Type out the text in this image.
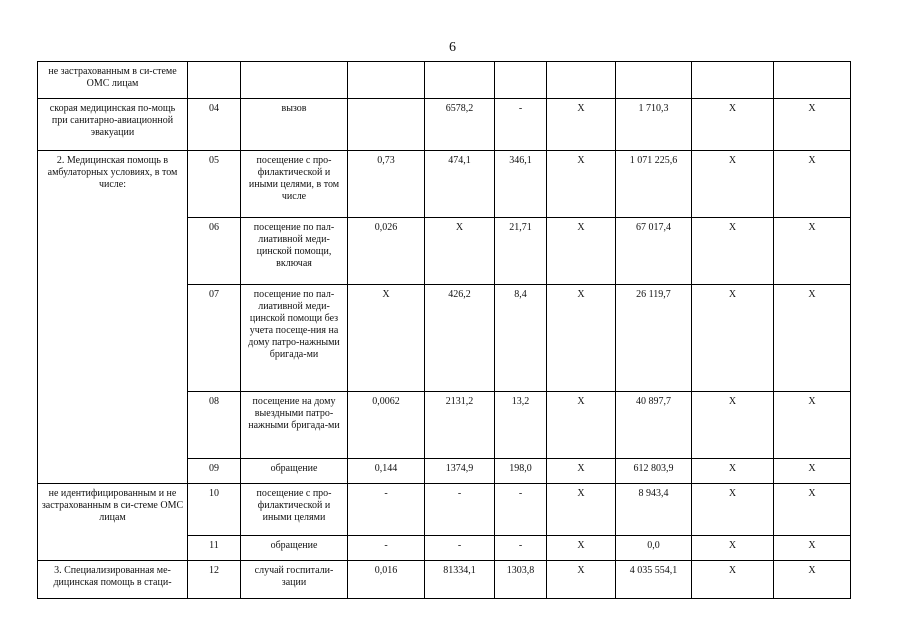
6
не застрахованным в си-стеме ОМС лицам									
скорая медицинская по-мощь при санитарно-авиационной эвакуации	04	вызов		6578,2	-	X	1 710,3	X	X
2. Медицинская помощь в амбулаторных условиях, в том числе:	05	посещение с про-филактической и иными целями, в том числе	0,73	474,1	346,1	X	1 071 225,6	X	X
	06	посещение по пал-лиативной меди-цинской помощи, включая	0,026	X	21,71	X	67 017,4	X	X
	07	посещение по пал-лиативной меди-цинской помощи без учета посеще-ния на дому патро-нажными бригада-ми	X	426,2	8,4	X	26 119,7	X	X
	08	посещение на дому выездными патро-нажными бригада-ми	0,0062	2131,2	13,2	X	40 897,7	X	X
	09	обращение	0,144	1374,9	198,0	X	612 803,9	X	X
не идентифицированным и не застрахованным в си-стеме ОМС лицам	10	посещение с про-филактической и иными целями	-	-	-	X	8 943,4	X	X
	11	обращение	-	-	-	X	0,0	X	X
3. Специализированная ме-дицинская помощь в стаци-	12	случай госпитали-зации	0,016	81334,1	1303,8	X	4 035 554,1	X	X
